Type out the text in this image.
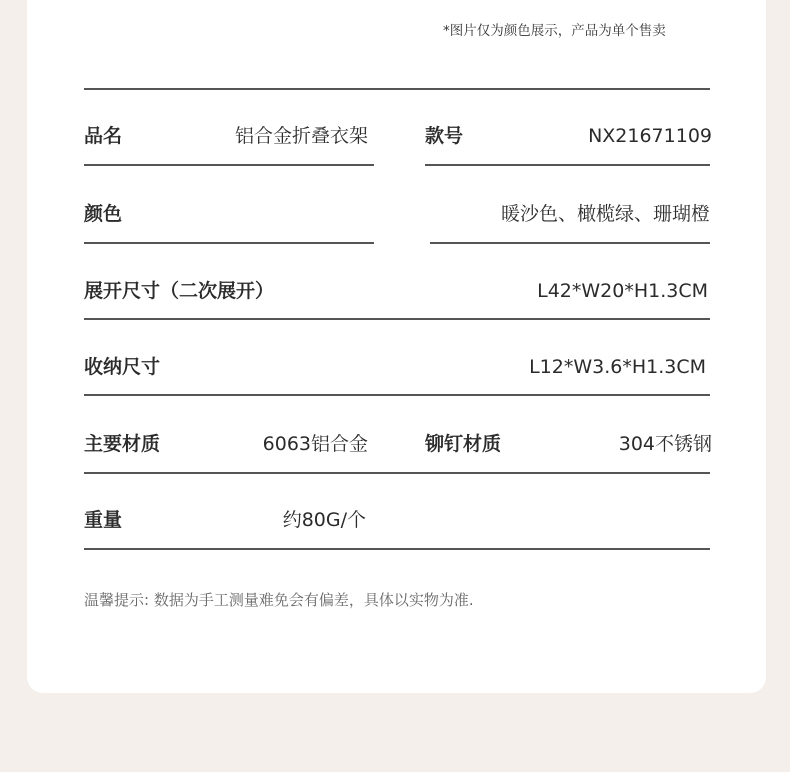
*图片仅为颜色展示，产品为单个售卖
品名	铝合金折叠衣架	款号	NX21671109
颜色	暖沙色、橄榄绿、珊瑚橙
展开尺寸（二次展开）	L42*W20*H1.3CM
收纳尺寸	L12*W3.6*H1.3CM
主要材质	6063铝合金	铆钉材质	304不锈钢
重量	约80G/个
温馨提示: 数据为手工测量难免会有偏差，具体以实物为准.
